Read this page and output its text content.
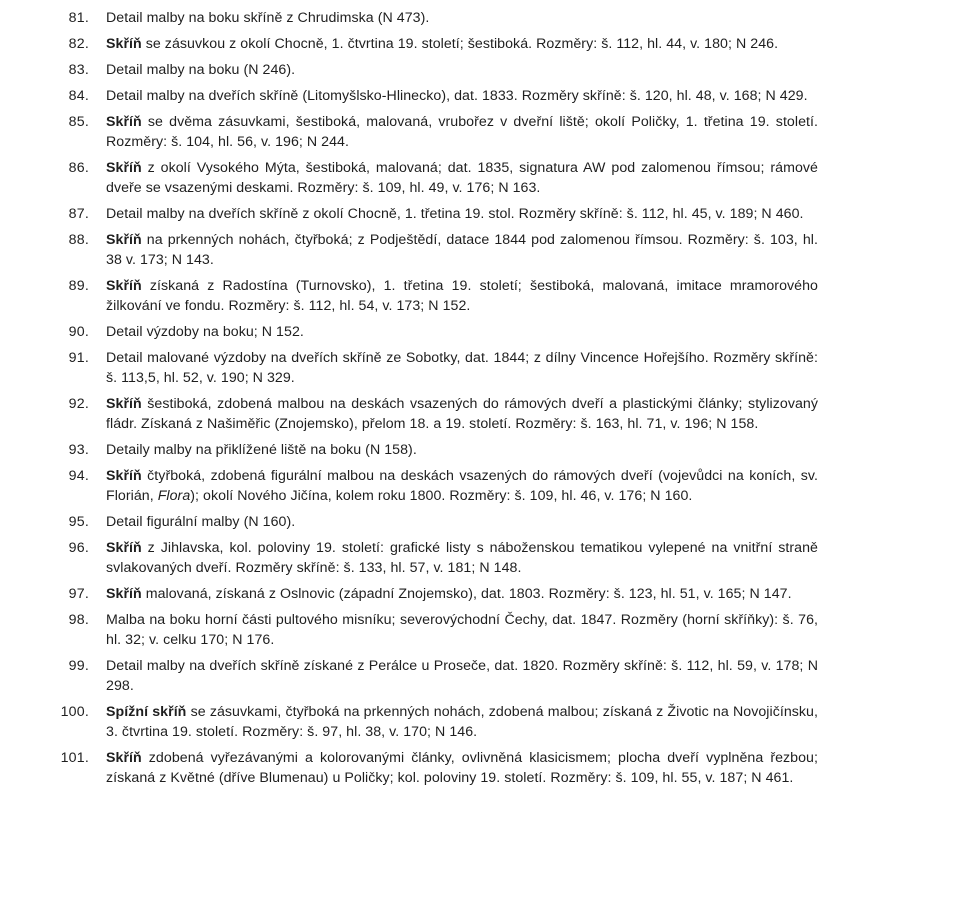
81.	Detail malby na boku skříně z Chrudimska (N 473).
82.	Skříň se zásuvkou z okolí Chocně, 1. čtvrtina 19. století; šestiboká. Rozměry: š. 112, hl. 44, v. 180; N 246.
83.	Detail malby na boku (N 246).
84.	Detail malby na dveřích skříně (Litomyšlsko-Hlinecko), dat. 1833. Rozměry skříně: š. 120, hl. 48, v. 168; N 429.
85.	Skříň se dvěma zásuvkami, šestiboká, malovaná, vrubořez v dveřní liště; okolí Poličky, 1. třetina 19. století. Rozměry: š. 104, hl. 56, v. 196; N 244.
86.	Skříň z okolí Vysokého Mýta, šestiboká, malovaná; dat. 1835, signatura AW pod zalomenou římsou; rámové dveře se vsazenými deskami. Rozměry: š. 109, hl. 49, v. 176; N 163.
87.	Detail malby na dveřích skříně z okolí Chocně, 1. třetina 19. stol. Rozměry skříně: š. 112, hl. 45, v. 189; N 460.
88.	Skříň na prkenných nohách, čtyřboká; z Podještědí, datace 1844 pod zalomenou římsou. Rozměry: š. 103, hl. 38 v. 173; N 143.
89.	Skříň získaná z Radostína (Turnovsko), 1. třetina 19. století; šestiboká, malovaná, imitace mramorového žilkování ve fondu. Rozměry: š. 112, hl. 54, v. 173; N 152.
90.	Detail výzdoby na boku; N 152.
91.	Detail malované výzdoby na dveřích skříně ze Sobotky, dat. 1844; z dílny Vincence Hořejšího. Rozměry skříně: š. 113,5, hl. 52, v. 190; N 329.
92.	Skříň šestiboká, zdobená malbou na deskách vsazených do rámových dveří a plastickými články; stylizovaný fládr. Získaná z Našiměřic (Znojemsko), přelom 18. a 19. století. Rozměry: š. 163, hl. 71, v. 196; N 158.
93.	Detaily malby na přiklížené liště na boku (N 158).
94.	Skříň čtyřboká, zdobená figurální malbou na deskách vsazených do rámových dveří (vojevůdci na koních, sv. Florián, Flora); okolí Nového Jičína, kolem roku 1800. Rozměry: š. 109, hl. 46, v. 176; N 160.
95.	Detail figurální malby (N 160).
96.	Skříň z Jihlavska, kol. poloviny 19. století: grafické listy s náboženskou tematikou vylepené na vnitřní straně svlakovaných dveří. Rozměry skříně: š. 133, hl. 57, v. 181; N 148.
97.	Skříň malovaná, získaná z Oslnovic (západní Znojemsko), dat. 1803. Rozměry: š. 123, hl. 51, v. 165; N 147.
98.	Malba na boku horní části pultového misníku; severovýchodní Čechy, dat. 1847. Rozměry (horní skříňky): š. 76, hl. 32; v. celku 170; N 176.
99.	Detail malby na dveřích skříně získané z Perálce u Proseče, dat. 1820. Rozměry skříně: š. 112, hl. 59, v. 178; N 298.
100.	Spížní skříň se zásuvkami, čtyřboká na prkenných nohách, zdobená malbou; získaná z Životic na Novojičínsku, 3. čtvrtina 19. století. Rozměry: š. 97, hl. 38, v. 170; N 146.
101.	Skříň zdobená vyřezávanými a kolorovanými články, ovlivněná klasicismem; plocha dveří vyplněna řezbou; získaná z Květné (dříve Blumenau) u Poličky; kol. poloviny 19. století. Rozměry: š. 109, hl. 55, v. 187; N 461.
